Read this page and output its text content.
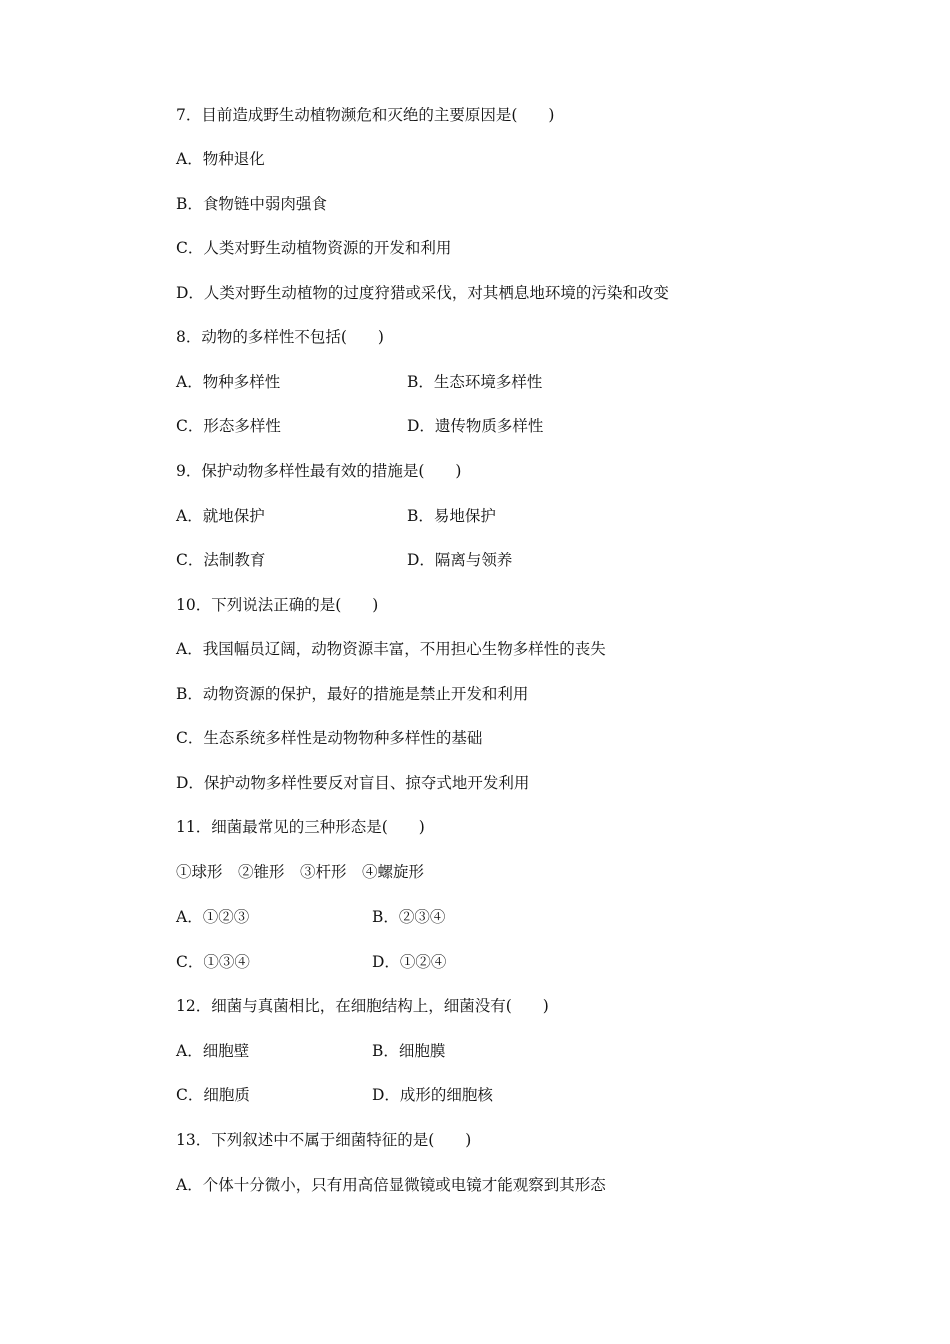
7．目前造成野生动植物濒危和灭绝的主要原因是(　　)
A．物种退化
B．食物链中弱肉强食
C．人类对野生动植物资源的开发和利用
D．人类对野生动植物的过度狩猎或采伐，对其栖息地环境的污染和改变
8．动物的多样性不包括(　　)
A．物种多样性	B．生态环境多样性
C．形态多样性	D．遗传物质多样性
9．保护动物多样性最有效的措施是(　　)
A．就地保护	B．易地保护
C．法制教育	D．隔离与领养
10．下列说法正确的是(　　)
A．我国幅员辽阔，动物资源丰富，不用担心生物多样性的丧失
B．动物资源的保护，最好的措施是禁止开发和利用
C．生态系统多样性是动物物种多样性的基础
D．保护动物多样性要反对盲目、掠夺式地开发利用
11．细菌最常见的三种形态是(　　)
①球形　②锥形　③杆形　④螺旋形
A．①②③	B．②③④
C．①③④	D．①②④
12．细菌与真菌相比，在细胞结构上，细菌没有(　　)
A．细胞壁	B．细胞膜
C．细胞质	D．成形的细胞核
13．下列叙述中不属于细菌特征的是(　　)
A．个体十分微小，只有用高倍显微镜或电镜才能观察到其形态
